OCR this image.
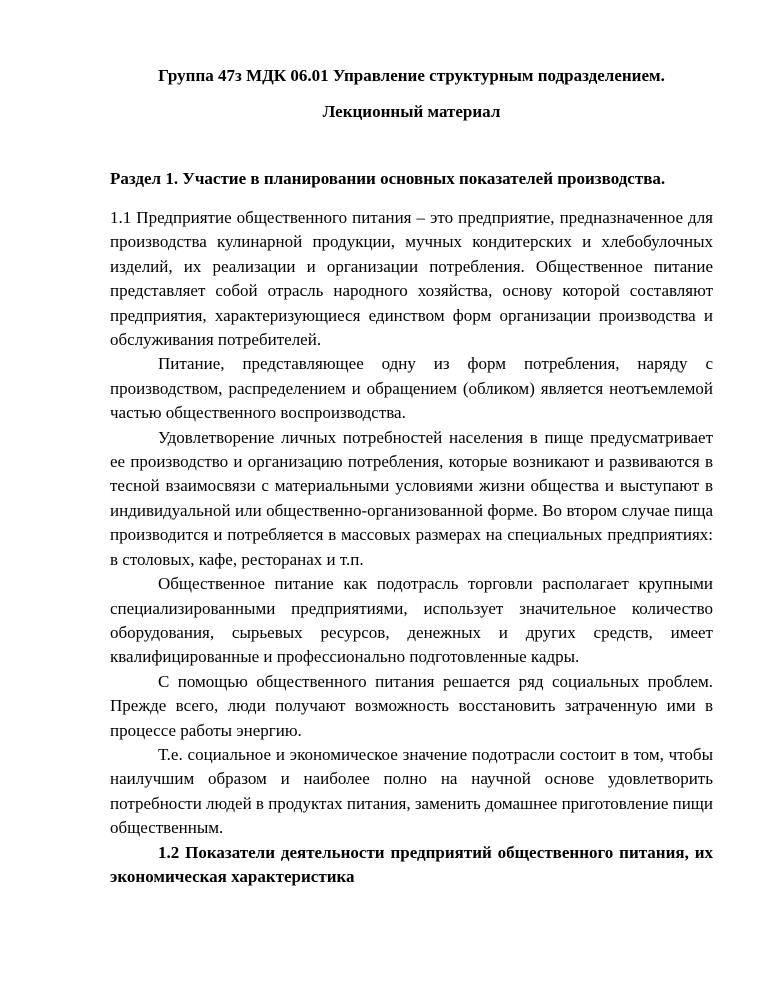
Группа 47з МДК 06.01 Управление структурным подразделением.
Лекционный материал
Раздел 1. Участие в планировании основных показателей производства.

1.1 Предприятие общественного питания – это предприятие, предназначенное для производства кулинарной продукции, мучных кондитерских и хлебобулочных изделий, их реализации и организации потребления. Общественное питание представляет собой отрасль народного хозяйства, основу которой составляют предприятия, характеризующиеся единством форм организации производства и обслуживания потребителей.

Питание, представляющее одну из форм потребления, наряду с производством, распределением и обращением (обликом) является неотъемлемой частью общественного воспроизводства.

Удовлетворение личных потребностей населения в пище предусматривает ее производство и организацию потребления, которые возникают и развиваются в тесной взаимосвязи с материальными условиями жизни общества и выступают в индивидуальной или общественно-организованной форме. Во втором случае пища производится и потребляется в массовых размерах на специальных предприятиях: в столовых, кафе, ресторанах и т.п.

Общественное питание как подотрасль торговли располагает крупными специализированными предприятиями, использует значительное количество оборудования, сырьевых ресурсов, денежных и других средств, имеет квалифицированные и профессионально подготовленные кадры.

С помощью общественного питания решается ряд социальных проблем. Прежде всего, люди получают возможность восстановить затраченную ими в процессе работы энергию.

Т.е. социальное и экономическое значение подотрасли состоит в том, чтобы наилучшим образом и наиболее полно на научной основе удовлетворить потребности людей в продуктах питания, заменить домашнее приготовление пищи общественным.

1.2 Показатели деятельности предприятий общественного питания, их экономическая характеристика
